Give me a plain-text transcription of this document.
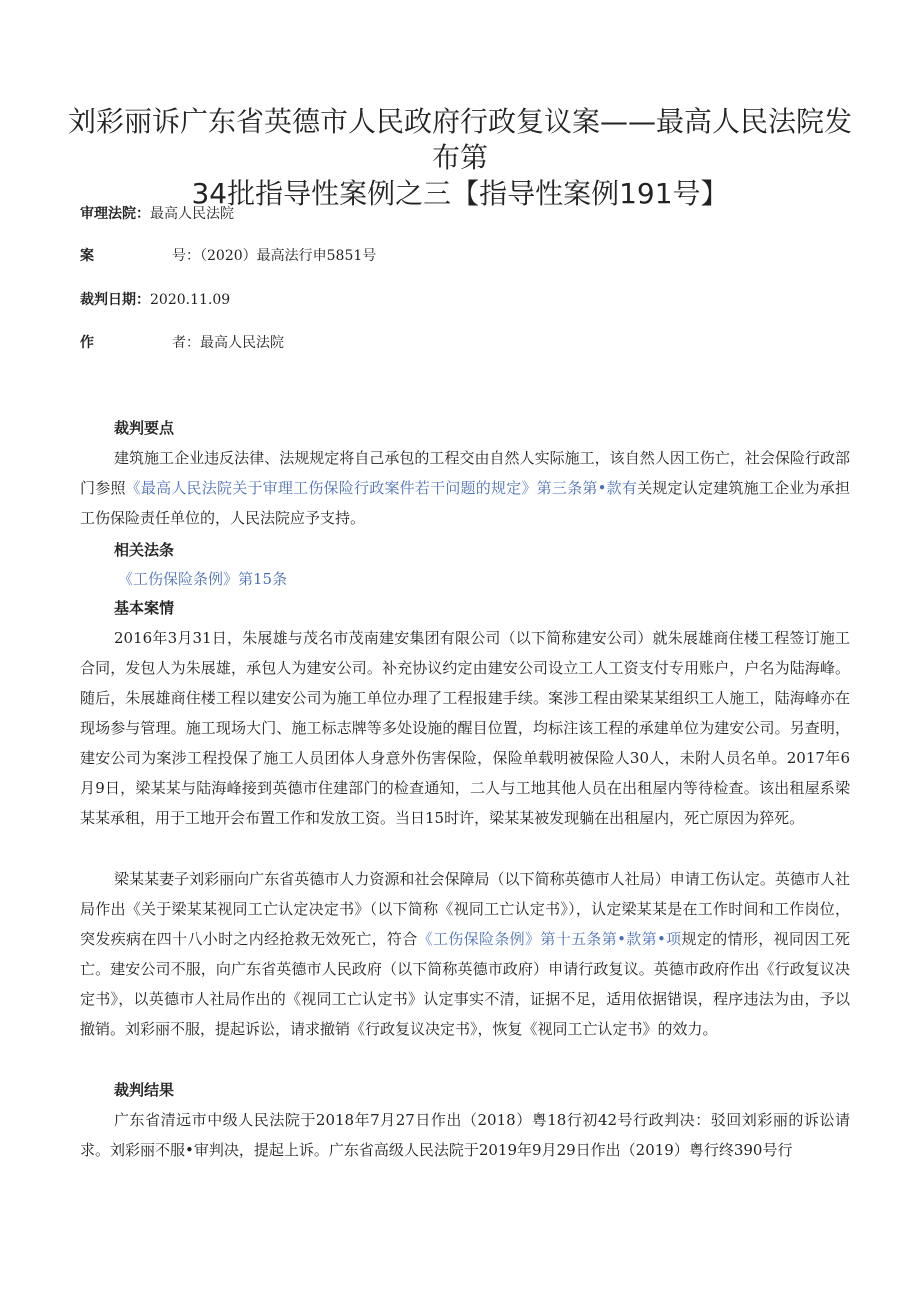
刘彩丽诉广东省英德市人民政府行政复议案——最高人民法院发布第
34批指导性案例之三【指导性案例191号】
审理法院：最高人民法院
案	号：（2020）最高法行申5851号
裁判日期：2020.11.09
作	者：最高人民法院
裁判要点
建筑施工企业违反法律、法规规定将自己承包的工程交由自然人实际施工，该自然人因工伤亡，社会保险行政部门参照《最高人民法院关于审理工伤保险行政案件若干问题的规定》第三条第•款有关规定认定建筑施工企业为承担工伤保险责任单位的，人民法院应予支持。
相关法条
《工伤保险条例》第15条
基本案情
2016年3月31日，朱展雄与茂名市茂南建安集团有限公司（以下简称建安公司）就朱展雄商住楼工程签订施工合同，发包人为朱展雄，承包人为建安公司。补充协议约定由建安公司设立工人工资支付专用账户，户名为陆海峰。随后，朱展雄商住楼工程以建安公司为施工单位办理了工程报建手续。案涉工程由梁某某组织工人施工，陆海峰亦在现场参与管理。施工现场大门、施工标志牌等多处设施的醒目位置，均标注该工程的承建单位为建安公司。另查明，建安公司为案涉工程投保了施工人员团体人身意外伤害保险，保险单载明被保险人30人，未附人员名单。2017年6月9日，梁某某与陆海峰接到英德市住建部门的检查通知，二人与工地其他人员在出租屋内等待检查。该出租屋系梁某某承租，用于工地开会布置工作和发放工资。当日15时许，梁某某被发现躺在出租屋内，死亡原因为猝死。
梁某某妻子刘彩丽向广东省英德市人力资源和社会保障局（以下简称英德市人社局）申请工伤认定。英德市人社局作出《关于梁某某视同工亡认定决定书》（以下简称《视同工亡认定书》），认定梁某某是在工作时间和工作岗位，突发疾病在四十八小时之内经抢救无效死亡，符合《工伤保险条例》第十五条第•款第•项规定的情形，视同因工死亡。建安公司不服，向广东省英德市人民政府（以下简称英德市政府）申请行政复议。英德市政府作出《行政复议决定书》，以英德市人社局作出的《视同工亡认定书》认定事实不清，证据不足，适用依据错误，程序违法为由，予以撤销。刘彩丽不服，提起诉讼，请求撤销《行政复议决定书》，恢复《视同工亡认定书》的效力。
裁判结果
广东省清远市中级人民法院于2018年7月27日作出（2018）粤18行初42号行政判决：驳回刘彩丽的诉讼请求。刘彩丽不服•审判决，提起上诉。广东省高级人民法院于2019年9月29日作出（2019）粤行终390号行
